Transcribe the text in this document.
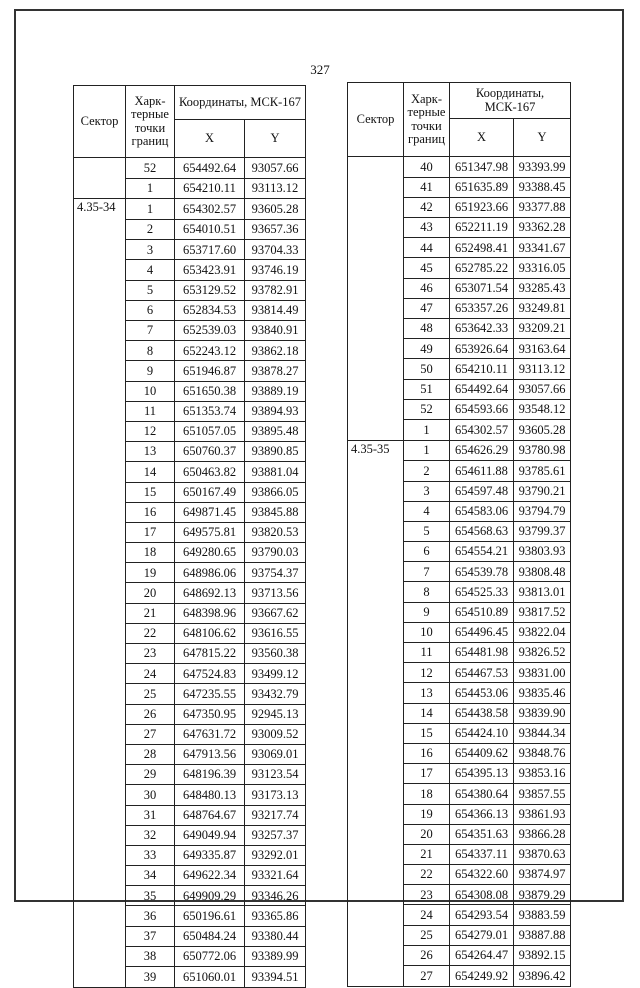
327
Сектор	Харк-
терные
точки
границ	Координаты, МСК-167	
		X	Y
	52	654492.64	93057.66
	1	654210.11	93113.12
4.35-34	1	654302.57	93605.28
	2	654010.51	93657.36
	3	653717.60	93704.33
	4	653423.91	93746.19
	5	653129.52	93782.91
	6	652834.53	93814.49
	7	652539.03	93840.91
	8	652243.12	93862.18
	9	651946.87	93878.27
	10	651650.38	93889.19
	11	651353.74	93894.93
	12	651057.05	93895.48
	13	650760.37	93890.85
	14	650463.82	93881.04
	15	650167.49	93866.05
	16	649871.45	93845.88
	17	649575.81	93820.53
	18	649280.65	93790.03
	19	648986.06	93754.37
	20	648692.13	93713.56
	21	648398.96	93667.62
	22	648106.62	93616.55
	23	647815.22	93560.38
	24	647524.83	93499.12
	25	647235.55	93432.79
	26	647350.95	92945.13
	27	647631.72	93009.52
	28	647913.56	93069.01
	29	648196.39	93123.54
	30	648480.13	93173.13
	31	648764.67	93217.74
	32	649049.94	93257.37
	33	649335.87	93292.01
	34	649622.34	93321.64
	35	649909.29	93346.26
	36	650196.61	93365.86
	37	650484.24	93380.44
	38	650772.06	93389.99
	39	651060.01	93394.51
Сектор	Харк-
терные
точки
границ	Координаты, МСК-167	
		X	Y
	40	651347.98	93393.99
	41	651635.89	93388.45
	42	651923.66	93377.88
	43	652211.19	93362.28
	44	652498.41	93341.67
	45	652785.22	93316.05
	46	653071.54	93285.43
	47	653357.26	93249.81
	48	653642.33	93209.21
	49	653926.64	93163.64
	50	654210.11	93113.12
	51	654492.64	93057.66
	52	654593.66	93548.12
	1	654302.57	93605.28
4.35-35	1	654626.29	93780.98
	2	654611.88	93785.61
	3	654597.48	93790.21
	4	654583.06	93794.79
	5	654568.63	93799.37
	6	654554.21	93803.93
	7	654539.78	93808.48
	8	654525.33	93813.01
	9	654510.89	93817.52
	10	654496.45	93822.04
	11	654481.98	93826.52
	12	654467.53	93831.00
	13	654453.06	93835.46
	14	654438.58	93839.90
	15	654424.10	93844.34
	16	654409.62	93848.76
	17	654395.13	93853.16
	18	654380.64	93857.55
	19	654366.13	93861.93
	20	654351.63	93866.28
	21	654337.11	93870.63
	22	654322.60	93874.97
	23	654308.08	93879.29
	24	654293.54	93883.59
	25	654279.01	93887.88
	26	654264.47	93892.15
	27	654249.92	93896.42
